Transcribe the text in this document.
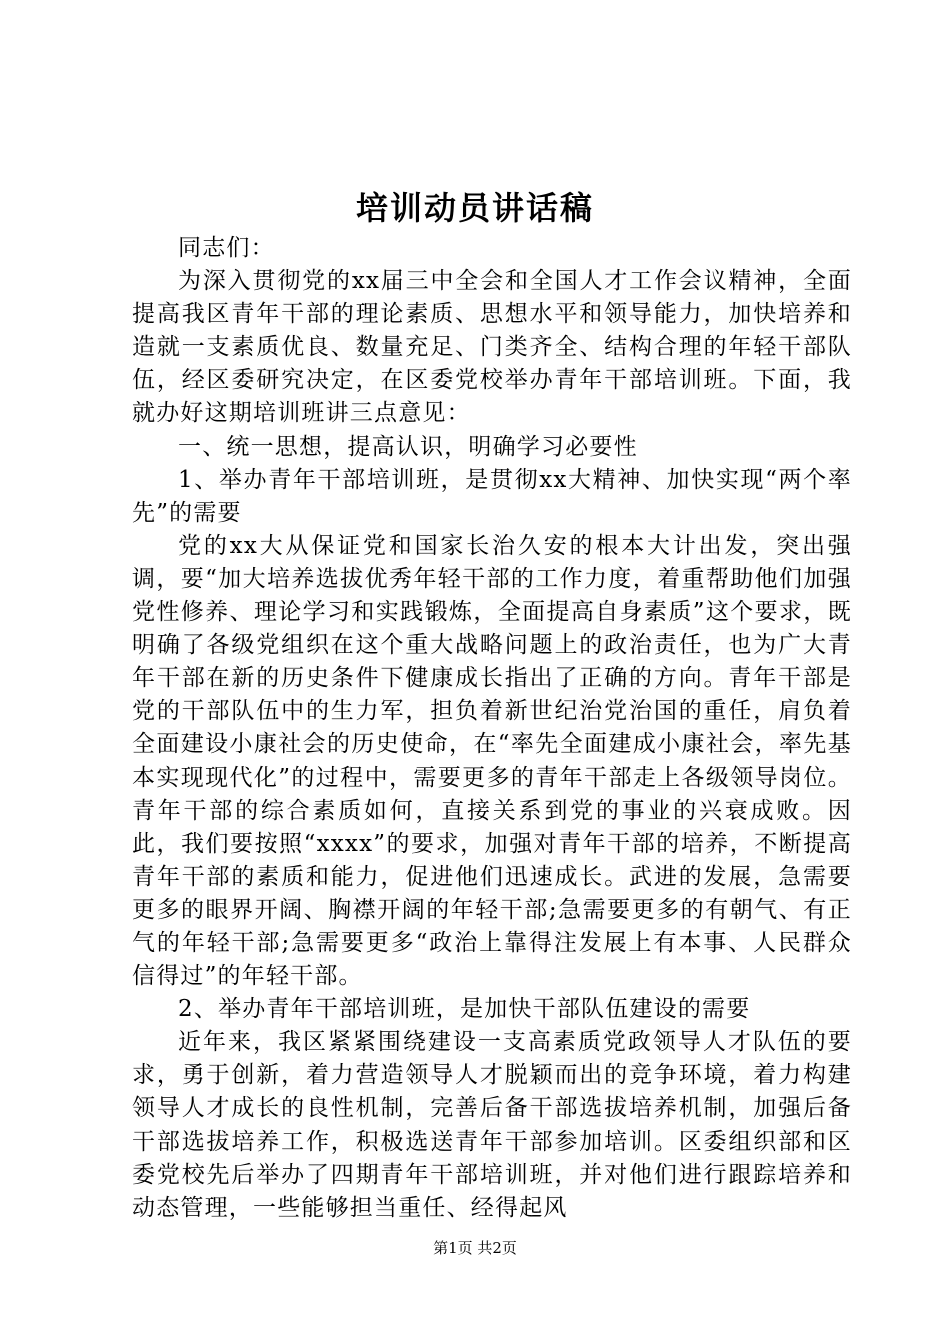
培训动员讲话稿

同志们：

为深入贯彻党的xx届三中全会和全国人才工作会议精神，全面提高我区青年干部的理论素质、思想水平和领导能力，加快培养和造就一支素质优良、数量充足、门类齐全、结构合理的年轻干部队伍，经区委研究决定，在区委党校举办青年干部培训班。下面，我就办好这期培训班讲三点意见：

一、统一思想，提高认识，明确学习必要性

1、举办青年干部培训班，是贯彻xx大精神、加快实现“两个率先”的需要

党的xx大从保证党和国家长治久安的根本大计出发，突出强调，要“加大培养选拔优秀年轻干部的工作力度，着重帮助他们加强党性修养、理论学习和实践锻炼，全面提高自身素质”这个要求，既明确了各级党组织在这个重大战略问题上的政治责任，也为广大青年干部在新的历史条件下健康成长指出了正确的方向。青年干部是党的干部队伍中的生力军，担负着新世纪治党治国的重任，肩负着全面建设小康社会的历史使命，在“率先全面建成小康社会，率先基本实现现代化”的过程中，需要更多的青年干部走上各级领导岗位。青年干部的综合素质如何，直接关系到党的事业的兴衰成败。因此，我们要按照“xxxx”的要求，加强对青年干部的培养，不断提高青年干部的素质和能力，促进他们迅速成长。武进的发展，急需要更多的眼界开阔、胸襟开阔的年轻干部;急需要更多的有朝气、有正气的年轻干部;急需要更多“政治上靠得注发展上有本事、人民群众信得过”的年轻干部。

2、举办青年干部培训班，是加快干部队伍建设的需要

近年来，我区紧紧围绕建设一支高素质党政领导人才队伍的要求，勇于创新，着力营造领导人才脱颖而出的竞争环境，着力构建领导人才成长的良性机制，完善后备干部选拔培养机制，加强后备干部选拔培养工作，积极选送青年干部参加培训。区委组织部和区委党校先后举办了四期青年干部培训班，并对他们进行跟踪培养和动态管理，一些能够担当重任、经得起风

第1页 共2页
